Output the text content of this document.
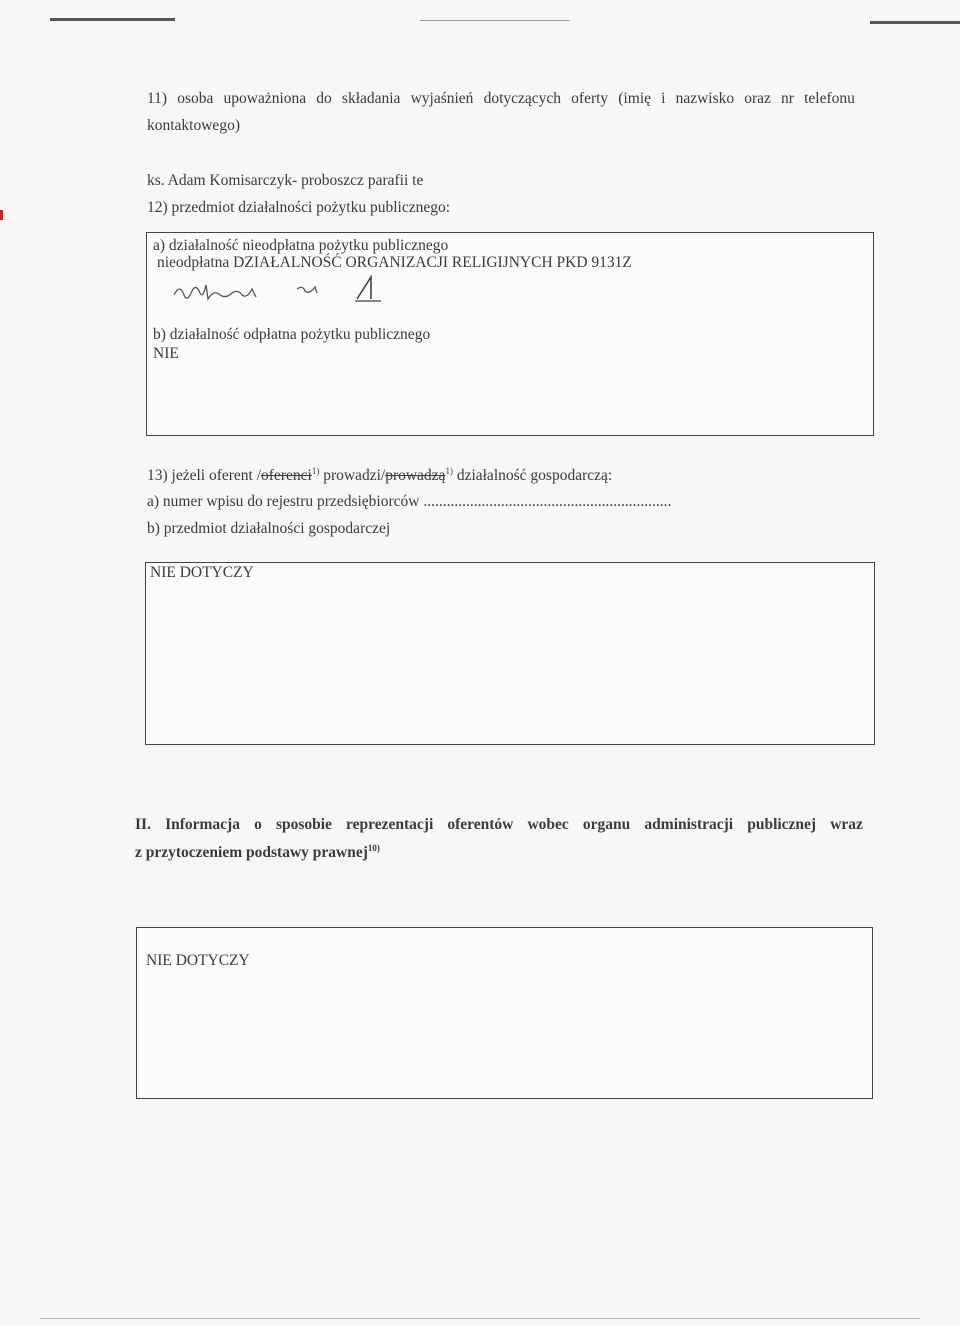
11) osoba upoważniona do składania wyjaśnień dotyczących oferty (imię i nazwisko oraz nr telefonu
kontaktowego)
ks. Adam Komisarczyk- proboszcz parafii te
12) przedmiot działalności pożytku publicznego:
a) działalność nieodpłatna pożytku publicznego
nieodpłatna DZIAŁALNOŚĆ ORGANIZACJI RELIGIJNYCH PKD 9131Z
b) działalność odpłatna pożytku publicznego
NIE
13) jeżeli oferent /oferenci$^{1)}$ prowadzi/prowadzą$^{1)}$ działalność gospodarczą:
a) numer wpisu do rejestru przedsiębiorców ................................................................
b) przedmiot działalności gospodarczej
NIE DOTYCZY
II. Informacja o sposobie reprezentacji oferentów wobec organu administracji publicznej wraz
z przytoczeniem podstawy prawnej$^{10)}$
NIE DOTYCZY
